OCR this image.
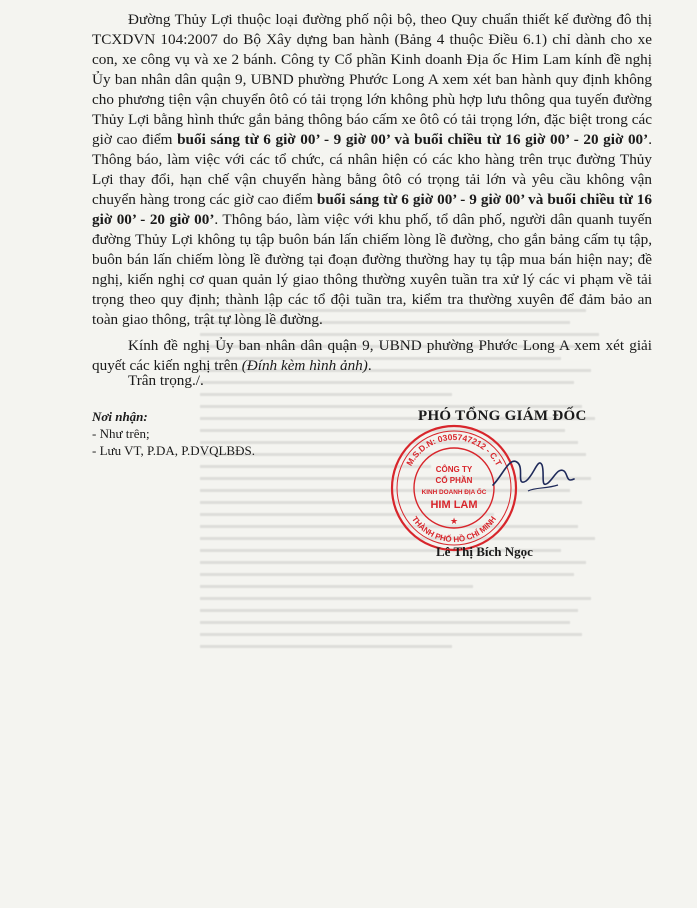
Đường Thủy Lợi thuộc loại đường phố nội bộ, theo Quy chuẩn thiết kế đường đô thị TCXDVN 104:2007 do Bộ Xây dựng ban hành (Bảng 4 thuộc Điều 6.1) chỉ dành cho xe con, xe công vụ và xe 2 bánh. Công ty Cổ phần Kinh doanh Địa ốc Him Lam kính đề nghị Ủy ban nhân dân quận 9, UBND phường Phước Long A xem xét ban hành quy định không cho phương tiện vận chuyển ôtô có tải trọng lớn không phù hợp lưu thông qua tuyến đường Thủy Lợi bằng hình thức gắn bảng thông báo cấm xe ôtô có tải trọng lớn, đặc biệt trong các giờ cao điểm buổi sáng từ 6 giờ 00’ - 9 giờ 00’ và buổi chiều từ 16 giờ 00’ - 20 giờ 00’. Thông báo, làm việc với các tổ chức, cá nhân hiện có các kho hàng trên trục đường Thủy Lợi thay đổi, hạn chế vận chuyển hàng bằng ôtô có trọng tải lớn và yêu cầu không vận chuyển hàng trong các giờ cao điểm buổi sáng từ 6 giờ 00’ - 9 giờ 00’ và buổi chiều từ 16 giờ 00’ - 20 giờ 00’. Thông báo, làm việc với khu phố, tổ dân phố, người dân quanh tuyến đường Thủy Lợi không tụ tập buôn bán lấn chiếm lòng lề đường, cho gắn bảng cấm tụ tập, buôn bán lấn chiếm lòng lề đường tại đoạn đường thường hay tụ tập mua bán hiện nay; đề nghị, kiến nghị cơ quan quản lý giao thông thường xuyên tuần tra xử lý các vi phạm về tải trọng theo quy định; thành lập các tổ đội tuần tra, kiểm tra thường xuyên để đảm bảo an toàn giao thông, trật tự lòng lề đường.

Kính đề nghị Ủy ban nhân dân quận 9, UBND phường Phước Long A xem xét giải quyết các kiến nghị trên (Đính kèm hình ảnh).

Trân trọng./.
Nơi nhận:
- Như trên;
- Lưu VT, P.DA, P.DVQLBĐS.
PHÓ TỔNG GIÁM ĐỐC
M.S.D.N: 0305747212 - C.T
THÀNH PHỐ HỒ CHÍ MINH
CÔNG TY
CỔ PHẦN
KINH DOANH ĐỊA ỐC
HIM LAM
★
Lê Thị Bích Ngọc
